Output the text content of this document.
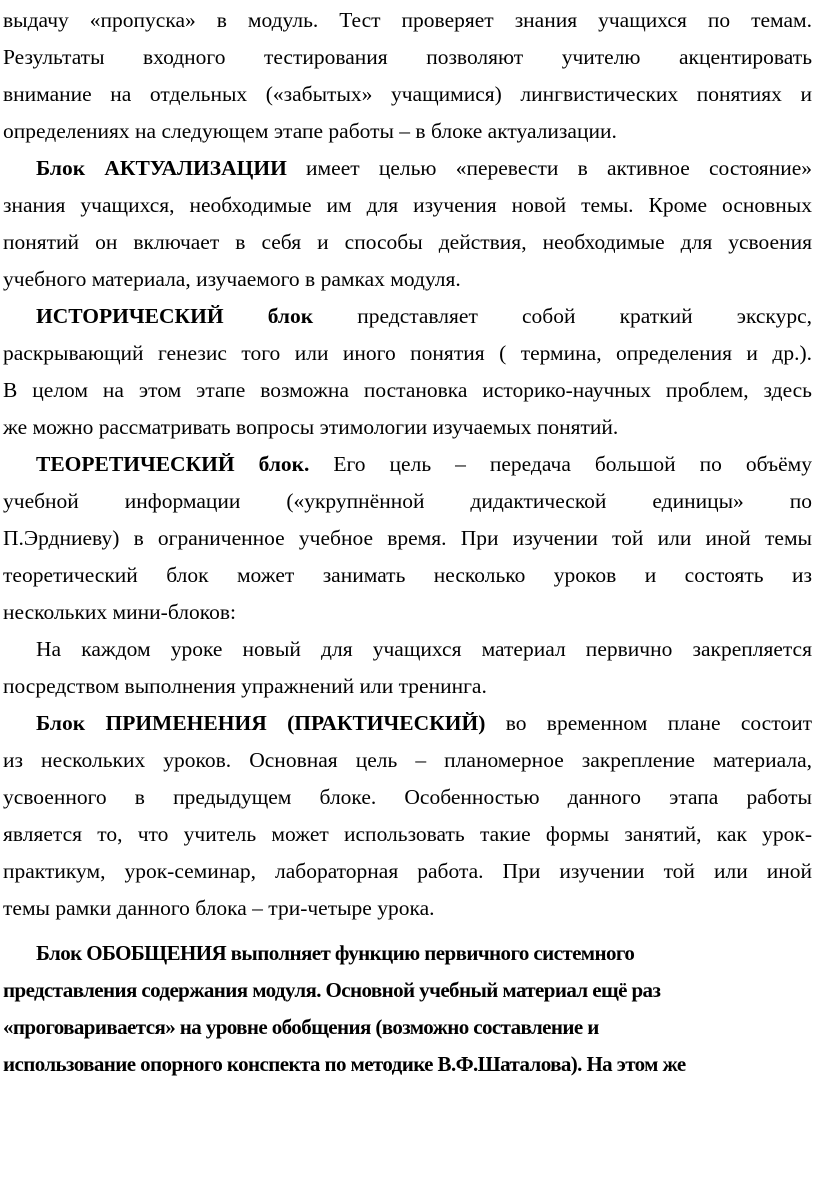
выдачу «пропуска» в модуль. Тест проверяет знания учащихся по темам.
Результаты входного тестирования позволяют учителю акцентировать
внимание на отдельных («забытых» учащимися) лингвистических понятиях и
определениях на следующем этапе работы – в блоке актуализации.
Блок АКТУАЛИЗАЦИИ имеет целью «перевести в активное состояние»
знания учащихся, необходимые им для изучения новой темы. Кроме основных
понятий он включает в себя и способы действия, необходимые для усвоения
учебного материала, изучаемого в рамках модуля.
ИСТОРИЧЕСКИЙ блок представляет собой краткий экскурс,
раскрывающий генезис того или иного понятия ( термина, определения и др.).
В целом на этом этапе возможна постановка историко-научных проблем, здесь
же можно рассматривать вопросы этимологии изучаемых понятий.
ТЕОРЕТИЧЕСКИЙ блок. Его цель – передача большой по объёму
учебной информации («укрупнённой дидактической единицы» по
П.Эрдниеву) в ограниченное учебное время. При изучении той или иной темы
теоретический блок может занимать несколько уроков и состоять из
нескольких мини-блоков:
На каждом уроке новый для учащихся материал первично закрепляется
посредством выполнения упражнений или тренинга.
Блок ПРИМЕНЕНИЯ (ПРАКТИЧЕСКИЙ) во временном плане состоит
из нескольких уроков. Основная цель – планомерное закрепление материала,
усвоенного в предыдущем блоке. Особенностью данного этапа работы
является то, что учитель может использовать такие формы занятий, как урок-
практикум, урок-семинар, лабораторная работа. При изучении той или иной
темы рамки данного блока – три-четыре урока.
Блок ОБОБЩЕНИЯ выполняет функцию первичного системного
представления содержания модуля. Основной учебный материал ещё раз
«проговаривается» на уровне обобщения (возможно составление и
использование опорного конспекта по методике В.Ф.Шаталова). На этом же
